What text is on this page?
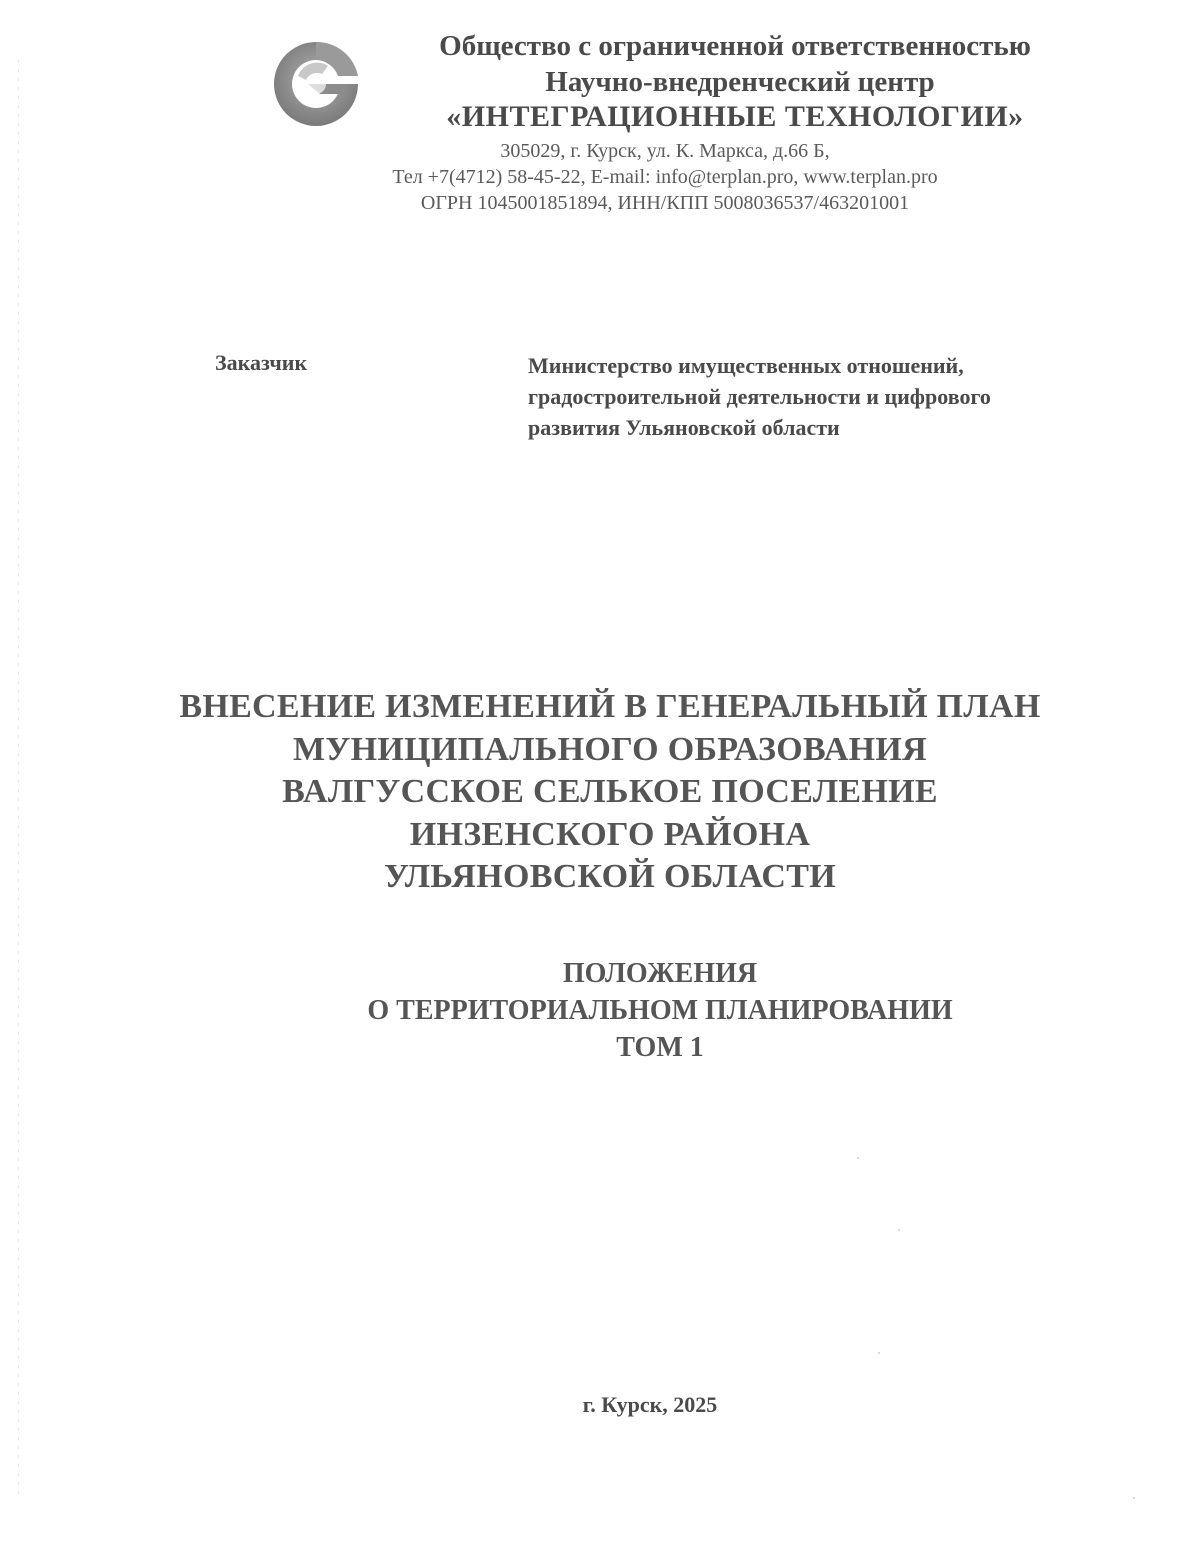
Общество с ограниченной ответственностью
Научно-внедренческий центр
«ИНТЕГРАЦИОННЫЕ ТЕХНОЛОГИИ»
305029, г. Курск, ул. К. Маркса, д.66 Б,
Тел +7(4712) 58-45-22, E-mail: info@terplan.pro, www.terplan.pro
ОГРН 1045001851894, ИНН/КПП 5008036537/463201001
Заказчик	Министерство имущественных отношений,
градостроительной деятельности и цифрового
развития Ульяновской области
ВНЕСЕНИЕ ИЗМЕНЕНИЙ В ГЕНЕРАЛЬНЫЙ ПЛАН
МУНИЦИПАЛЬНОГО ОБРАЗОВАНИЯ
ВАЛГУССКОЕ СЕЛЬКОЕ ПОСЕЛЕНИЕ
ИНЗЕНСКОГО РАЙОНА
УЛЬЯНОВСКОЙ ОБЛАСТИ
ПОЛОЖЕНИЯ
О ТЕРРИТОРИАЛЬНОМ ПЛАНИРОВАНИИ
ТОМ 1
г. Курск, 2025
